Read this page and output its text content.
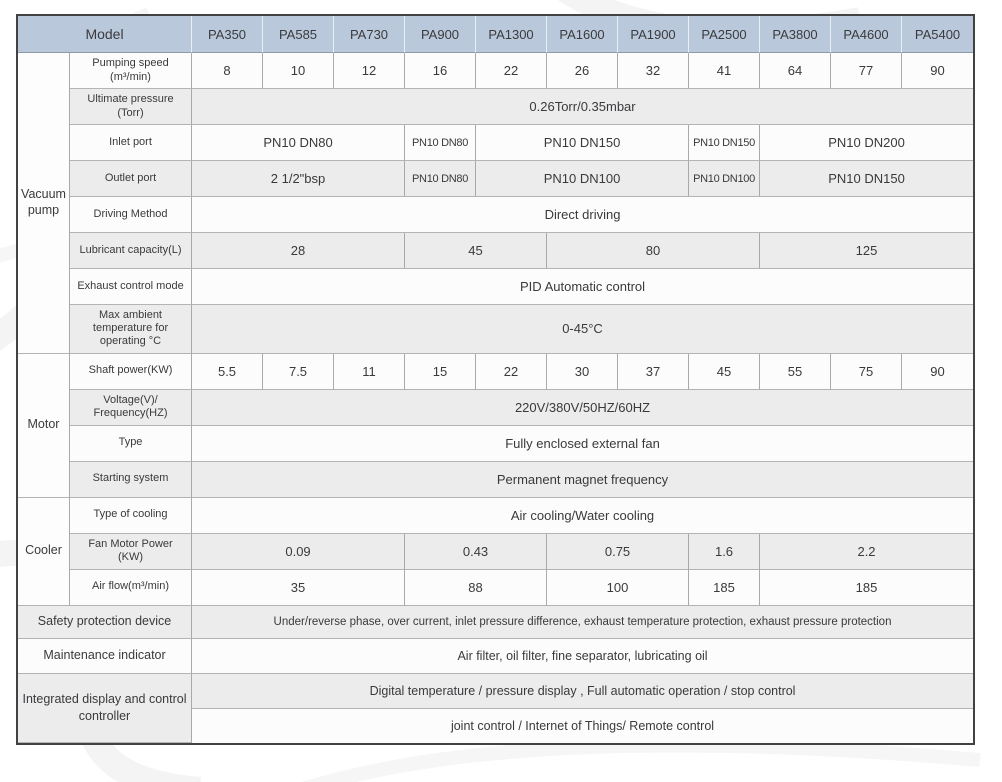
Model		PA350	PA585	PA730	PA900	PA1300	PA1600	PA1900	PA2500	PA3800	PA4600	PA5400
Vacuum pump	Pumping speed (m³/min)	8	10	12	16	22	26	32	41	64	77	90
	Ultimate pressure (Torr)	0.26Torr/0.35mbar										
	Inlet port	PN10 DN80			PN10 DN80	PN10 DN150			PN10 DN150	PN10 DN200		
	Outlet port	2 1/2"bsp			PN10 DN80	PN10 DN100			PN10 DN100	PN10 DN150		
	Driving Method	Direct driving										
	Lubricant capacity(L)	28			45		80			125		
	Exhaust control mode	PID Automatic control										
	Max ambient temperature for operating °C	0-45°C										
Motor	Shaft power(KW)	5.5	7.5	11	15	22	30	37	45	55	75	90
	Voltage(V)/ Frequency(HZ)	220V/380V/50HZ/60HZ										
	Type	Fully enclosed external fan										
	Starting system	Permanent magnet frequency										
Cooler	Type of cooling	Air cooling/Water cooling										
	Fan Motor Power (KW)	0.09			0.43		0.75		1.6	2.2		
	Air flow(m³/min)	35			88		100		185	185		
Safety protection device		Under/reverse phase, over current, inlet pressure difference, exhaust temperature protection, exhaust pressure protection										
Maintenance indicator		Air filter, oil filter, fine separator, lubricating oil										
Integrated display and control controller		Digital temperature / pressure display , Full automatic operation / stop control										
		joint control / Internet of Things/ Remote control										
